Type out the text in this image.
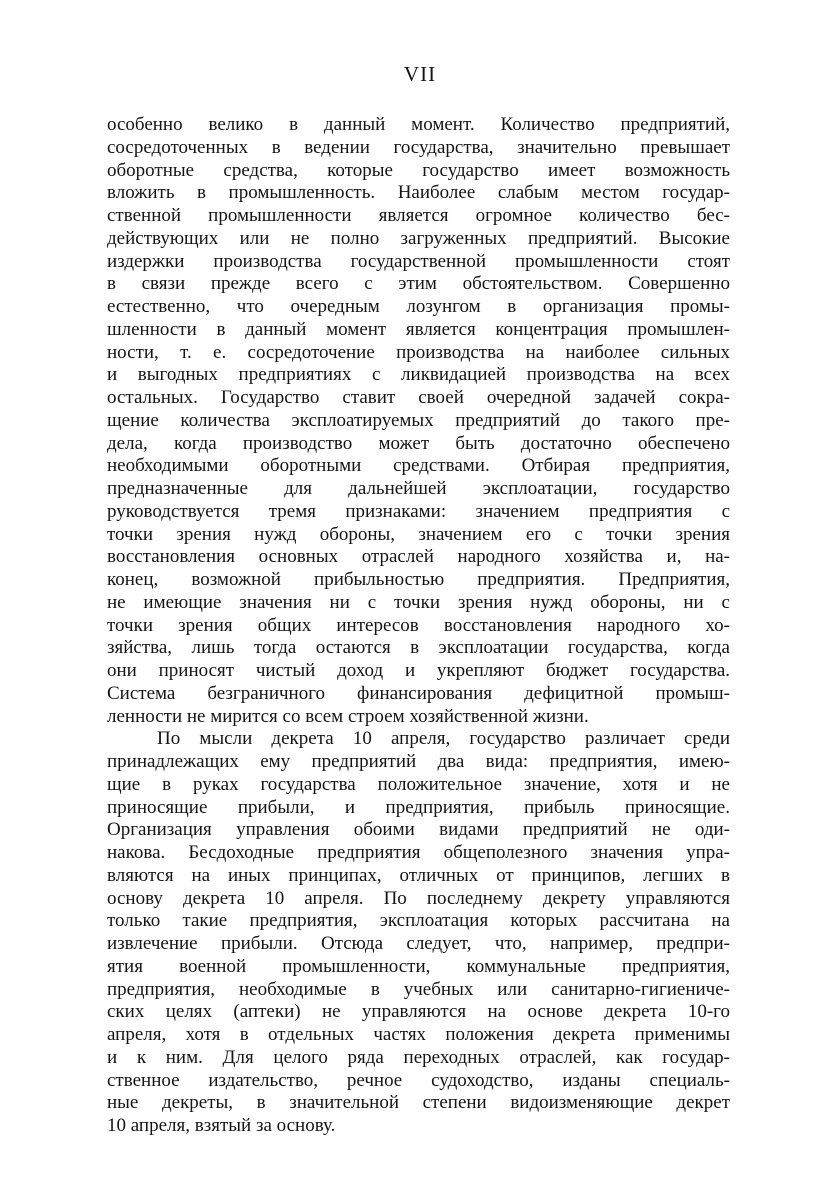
VII
особенно велико в данный момент. Количество предприятий,
сосредоточенных в ведении государства, значительно превышает
оборотные средства, которые государство имеет возможность
вложить в промышленность. Наиболее слабым местом государ-
ственной промышленности является огромное количество бес-
действующих или не полно загруженных предприятий. Высокие
издержки производства государственной промышленности стоят
в связи прежде всего с этим обстоятельством. Совершенно
естественно, что очередным лозунгом в организация промы-
шленности в данный момент является концентрация промышлен-
ности, т. е. сосредоточение производства на наиболее сильных
и выгодных предприятиях с ликвидацией производства на всех
остальных. Государство ставит своей очередной задачей сокра-
щение количества эксплоатируемых предприятий до такого пре-
дела, когда производство может быть достаточно обеспечено
необходимыми оборотными средствами. Отбирая предприятия,
предназначенные для дальнейшей эксплоатации, государство
руководствуется тремя признаками: значением предприятия с
точки зрения нужд обороны, значением его с точки зрения
восстановления основных отраслей народного хозяйства и, на-
конец, возможной прибыльностью предприятия. Предприятия,
не имеющие значения ни с точки зрения нужд обороны, ни с
точки зрения общих интересов восстановления народного хо-
зяйства, лишь тогда остаются в эксплоатации государства, когда
они приносят чистый доход и укрепляют бюджет государства.
Система безграничного финансирования дефицитной промыш-
ленности не мирится со всем строем хозяйственной жизни.
По мысли декрета 10 апреля, государство различает среди
принадлежащих ему предприятий два вида: предприятия, имею-
щие в руках государства положительное значение, хотя и не
приносящие прибыли, и предприятия, прибыль приносящие.
Организация управления обоими видами предприятий не оди-
накова. Бесдоходные предприятия общеполезного значения упра-
вляются на иных принципах, отличных от принципов, легших в
основу декрета 10 апреля. По последнему декрету управляются
только такие предприятия, эксплоатация которых рассчитана на
извлечение прибыли. Отсюда следует, что, например, предпри-
ятия военной промышленности, коммунальные предприятия,
предприятия, необходимые в учебных или санитарно-гигиениче-
ских целях (аптеки) не управляются на основе декрета 10-го
апреля, хотя в отдельных частях положения декрета применимы
и к ним. Для целого ряда переходных отраслей, как государ-
ственное издательство, речное судоходство, изданы специаль-
ные декреты, в значительной степени видоизменяющие декрет
10 апреля, взятый за основу.
